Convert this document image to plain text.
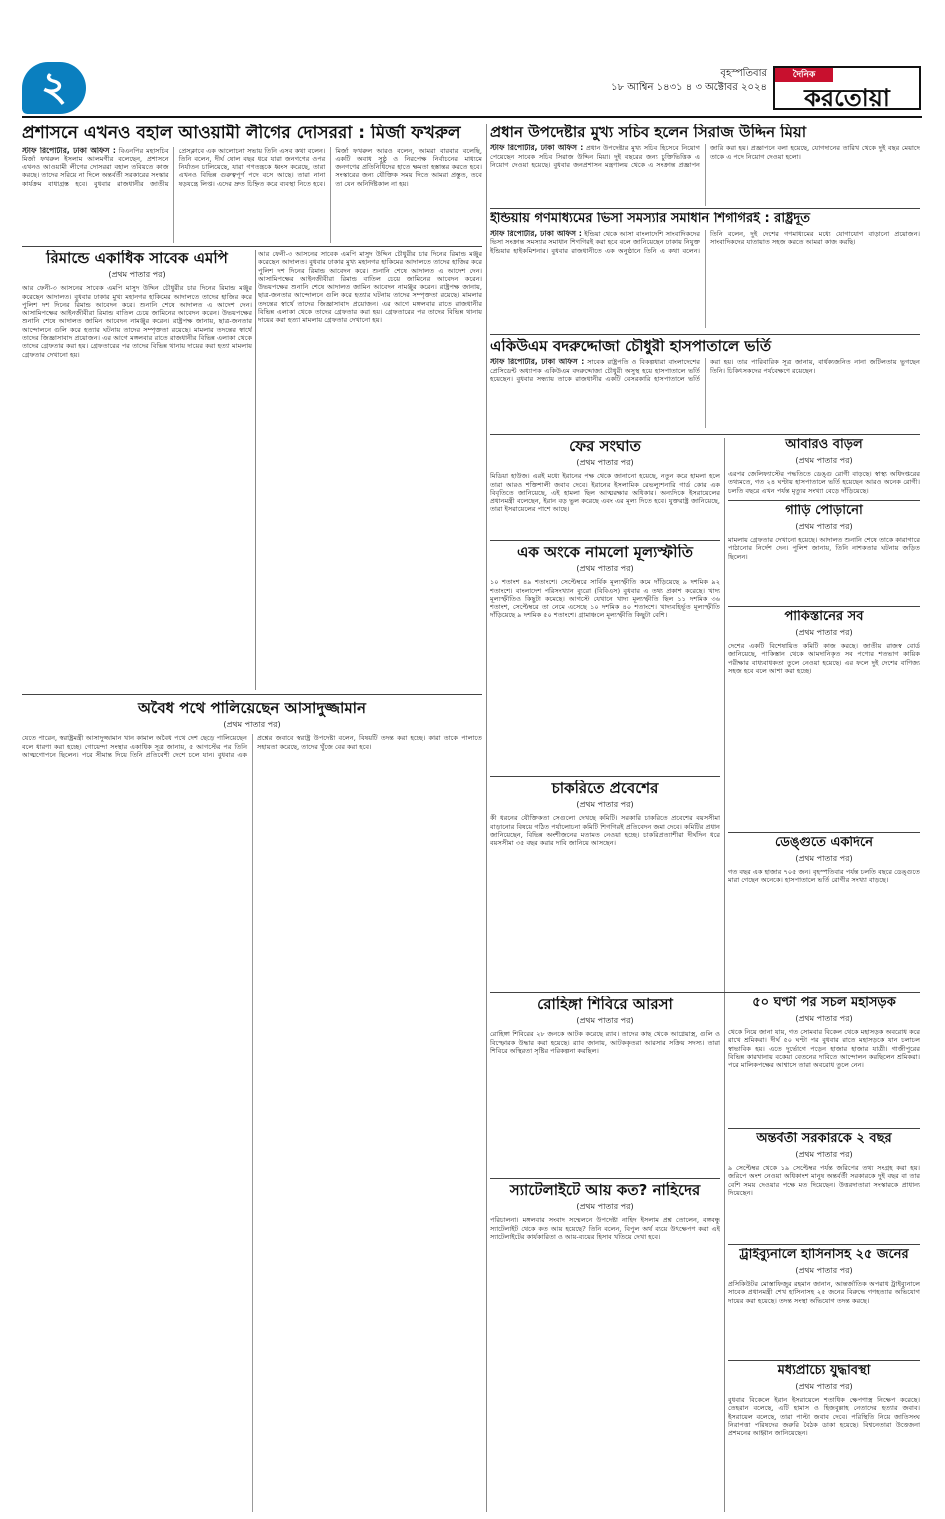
২	বৃহস্পতিবার
১৮ আশ্বিন ১৪৩১ ৪ ৩ অক্টোবর ২০২৪
দৈনিক
করতোয়া
প্রশাসনে এখনও বহাল আওয়ামী লীগের দোসররা : মির্জা ফখরুল
স্টাফ রিপোর্টার, ঢাকা অফিস : বিএনপির মহাসচিব মির্জা ফখরুল ইসলাম আলমগীর বলেছেন, প্রশাসনে এখনও আওয়ামী লীগের দোসররা বহাল তবিয়তে কাজ করছে। তাদের সরিয়ে না দিলে অন্তর্বর্তী সরকারের সংস্কার কার্যক্রম বাধাগ্রস্ত হবে। বুধবার রাজধানীর জাতীয় প্রেসক্লাবে এক আলোচনা সভায় তিনি এসব কথা বলেন। তিনি বলেন, দীর্ঘ ষোল বছর ধরে যারা জনগণের ওপর নির্যাতন চালিয়েছে, যারা গণতন্ত্রকে ধ্বংস করেছে, তারা এখনও বিভিন্ন গুরুত্বপূর্ণ পদে বসে আছে। তারা নানা ষড়যন্ত্রে লিপ্ত। এদের দ্রুত চিহ্নিত করে ব্যবস্থা নিতে হবে। মির্জা ফখরুল আরও বলেন, আমরা বারবার বলেছি, একটি অবাধ সুষ্ঠু ও নিরপেক্ষ নির্বাচনের মাধ্যমে জনগণের প্রতিনিধিদের হাতে ক্ষমতা হস্তান্তর করতে হবে। সংস্কারের জন্য যৌক্তিক সময় দিতে আমরা প্রস্তুত, তবে তা যেন অনির্দিষ্টকাল না হয়।
প্রধান উপদেষ্টার মুখ্য সচিব হলেন সিরাজ উদ্দিন মিয়া
স্টাফ রিপোর্টার, ঢাকা অফিস : প্রধান উপদেষ্টার মুখ্য সচিব হিসেবে নিয়োগ পেয়েছেন সাবেক সচিব সিরাজ উদ্দিন মিয়া। দুই বছরের জন্য চুক্তিভিত্তিক এ নিয়োগ দেওয়া হয়েছে। বুধবার জনপ্রশাসন মন্ত্রণালয় থেকে এ সংক্রান্ত প্রজ্ঞাপন জারি করা হয়। প্রজ্ঞাপনে বলা হয়েছে, যোগদানের তারিখ থেকে দুই বছর মেয়াদে তাকে এ পদে নিয়োগ দেওয়া হলো।
ইন্ডিয়ায় গণমাধ্যমের ভিসা সমস্যার সমাধান শিগগিরই : রাষ্ট্রদূত
স্টাফ রিপোর্টার, ঢাকা অফিস : ইন্ডিয়া থেকে আসা বাংলাদেশি সাংবাদিকদের ভিসা সংক্রান্ত সমস্যার সমাধান শিগগিরই করা হবে বলে জানিয়েছেন ঢাকায় নিযুক্ত ইন্ডিয়ার হাইকমিশনার। বুধবার রাজধানীতে এক অনুষ্ঠানে তিনি এ কথা বলেন। তিনি বলেন, দুই দেশের গণমাধ্যমের মধ্যে যোগাযোগ বাড়ানো প্রয়োজন। সাংবাদিকদের যাতায়াত সহজ করতে আমরা কাজ করছি।
রিমান্ডে একাধিক সাবেক এমপি
(প্রথম পাতার পর)
আর ফেনী-৩ আসনের সাবেক এমপি মাসুদ উদ্দিন চৌধুরীর চার দিনের রিমান্ড মঞ্জুর করেছেন আদালত। বুধবার ঢাকার মুখ্য মহানগর হাকিমের আদালতে তাদের হাজির করে পুলিশ দশ দিনের রিমান্ড আবেদন করে। শুনানি শেষে আদালত এ আদেশ দেন। আসামিপক্ষের আইনজীবীরা রিমান্ড বাতিল চেয়ে জামিনের আবেদন করেন। উভয়পক্ষের শুনানি শেষে আদালত জামিন আবেদন নামঞ্জুর করেন। রাষ্ট্রপক্ষ জানায়, ছাত্র-জনতার আন্দোলনে গুলি করে হত্যার ঘটনায় তাদের সম্পৃক্ততা রয়েছে। মামলার তদন্তের স্বার্থে তাদের জিজ্ঞাসাবাদ প্রয়োজন। এর আগে মঙ্গলবার রাতে রাজধানীর বিভিন্ন এলাকা থেকে তাদের গ্রেফতার করা হয়। গ্রেফতারের পর তাদের বিভিন্ন থানায় দায়ের করা হত্যা মামলায় গ্রেফতার দেখানো হয়।
আর ফেনী-৩ আসনের সাবেক এমপি মাসুদ উদ্দিন চৌধুরীর চার দিনের রিমান্ড মঞ্জুর করেছেন আদালত। বুধবার ঢাকার মুখ্য মহানগর হাকিমের আদালতে তাদের হাজির করে পুলিশ দশ দিনের রিমান্ড আবেদন করে। শুনানি শেষে আদালত এ আদেশ দেন। আসামিপক্ষের আইনজীবীরা রিমান্ড বাতিল চেয়ে জামিনের আবেদন করেন। উভয়পক্ষের শুনানি শেষে আদালত জামিন আবেদন নামঞ্জুর করেন। রাষ্ট্রপক্ষ জানায়, ছাত্র-জনতার আন্দোলনে গুলি করে হত্যার ঘটনায় তাদের সম্পৃক্ততা রয়েছে। মামলার তদন্তের স্বার্থে তাদের জিজ্ঞাসাবাদ প্রয়োজন। এর আগে মঙ্গলবার রাতে রাজধানীর বিভিন্ন এলাকা থেকে তাদের গ্রেফতার করা হয়। গ্রেফতারের পর তাদের বিভিন্ন থানায় দায়ের করা হত্যা মামলায় গ্রেফতার দেখানো হয়।
একিউএম বদরুদ্দোজা চৌধুরী হাসপাতালে ভর্তি
স্টাফ রিপোর্টার, ঢাকা অফিস : সাবেক রাষ্ট্রপতি ও বিকল্পধারা বাংলাদেশের প্রেসিডেন্ট অধ্যাপক একিউএম বদরুদ্দোজা চৌধুরী অসুস্থ হয়ে হাসপাতালে ভর্তি হয়েছেন। বুধবার সন্ধ্যায় তাকে রাজধানীর একটি বেসরকারি হাসপাতালে ভর্তি করা হয়। তার পারিবারিক সূত্র জানায়, বার্ধক্যজনিত নানা জটিলতায় ভুগছেন তিনি। চিকিৎসকদের পর্যবেক্ষণে রয়েছেন।
ফের সংঘাত
(প্রথম পাতার পর)
মিডিয়া হাউজ। এরই মধ্যে ইরানের পক্ষ থেকে জানানো হয়েছে, নতুন করে হামলা হলে তারা আরও শক্তিশালী জবাব দেবে। ইরানের ইসলামিক রেভল্যুশনারি গার্ড কোর এক বিবৃতিতে জানিয়েছে, এই হামলা ছিল আত্মরক্ষার অধিকার। অন্যদিকে ইসরায়েলের প্রধানমন্ত্রী বলেছেন, ইরান বড় ভুল করেছে এবং এর মূল্য দিতে হবে। যুক্তরাষ্ট্র জানিয়েছে, তারা ইসরায়েলের পাশে আছে।
এক অংকে নামলো মূল্যস্ফীতি
(প্রথম পাতার পর)
১০ শতাংশ ৪৯ শতাংশে। সেপ্টেম্বরে সার্বিক মূল্যস্ফীতি কমে দাঁড়িয়েছে ৯ দশমিক ৯২ শতাংশে। বাংলাদেশ পরিসংখ্যান ব্যুরো (বিবিএস) বুধবার এ তথ্য প্রকাশ করেছে। খাদ্য মূল্যস্ফীতিও কিছুটা কমেছে। আগস্টে যেখানে খাদ্য মূল্যস্ফীতি ছিল ১১ দশমিক ৩৬ শতাংশ, সেপ্টেম্বরে তা নেমে এসেছে ১০ দশমিক ৪০ শতাংশে। খাদ্যবহির্ভূত মূল্যস্ফীতি দাঁড়িয়েছে ৯ দশমিক ৫০ শতাংশে। গ্রামাঞ্চলে মূল্যস্ফীতি কিছুটা বেশি।
চাকরিতে প্রবেশের
(প্রথম পাতার পর)
কী ধরনের যৌক্তিকতা সেগুলো দেখছে কমিটি। সরকারি চাকরিতে প্রবেশের বয়সসীমা বাড়ানোর বিষয়ে গঠিত পর্যালোচনা কমিটি শিগগিরই প্রতিবেদন জমা দেবে। কমিটির প্রধান জানিয়েছেন, বিভিন্ন অংশীজনের মতামত নেওয়া হচ্ছে। চাকরিপ্রত্যাশীরা দীর্ঘদিন ধরে বয়সসীমা ৩৫ বছর করার দাবি জানিয়ে আসছেন।
রোহিঙ্গা শিবিরে আরসা
(প্রথম পাতার পর)
রোহিঙ্গা শিবিরের ২৮ জনকে আটক করেছে র‍্যাব। তাদের কাছ থেকে আগ্নেয়াস্ত্র, গুলি ও বিস্ফোরক উদ্ধার করা হয়েছে। র‍্যাব জানায়, আটককৃতরা আরসার সক্রিয় সদস্য। তারা শিবিরে অস্থিরতা সৃষ্টির পরিকল্পনা করছিল।
স্যাটেলাইটে আয় কত? নাহিদের
(প্রথম পাতার পর)
পরিচালনা। মঙ্গলবার সংবাদ সম্মেলনে উপদেষ্টা নাহিদ ইসলাম প্রশ্ন তোলেন, বঙ্গবন্ধু স্যাটেলাইট থেকে কত আয় হয়েছে? তিনি বলেন, বিপুল অর্থ ব্যয়ে উৎক্ষেপণ করা এই স্যাটেলাইটের কার্যকারিতা ও আয়-ব্যয়ের হিসাব খতিয়ে দেখা হবে।
অবৈধ পথে পালিয়েছেন আসাদুজ্জামান
(প্রথম পাতার পর)
যেতে পারেন, স্বরাষ্ট্রমন্ত্রী আসাদুজ্জামান খান কামাল অবৈধ পথে দেশ ছেড়ে পালিয়েছেন বলে ধারণা করা হচ্ছে। গোয়েন্দা সংস্থার একাধিক সূত্র জানায়, ৫ আগস্টের পর তিনি আত্মগোপনে ছিলেন। পরে সীমান্ত দিয়ে তিনি প্রতিবেশী দেশে চলে যান। বুধবার এক প্রশ্নের জবাবে স্বরাষ্ট্র উপদেষ্টা বলেন, বিষয়টি তদন্ত করা হচ্ছে। কারা তাকে পালাতে সহায়তা করেছে, তাদের খুঁজে বের করা হবে।
আবারও বাড়ল
(প্রথম পাতার পর)
এরপর জেলিফ্যাস্টের পদ্ধতিতে ডেঙ্গু রোগী বাড়ছে। স্বাস্থ্য অধিদপ্তরের তথ্যমতে, গত ২৪ ঘণ্টায় হাসপাতালে ভর্তি হয়েছেন আরও অনেক রোগী। চলতি বছরে এখন পর্যন্ত মৃত্যুর সংখ্যা বেড়ে দাঁড়িয়েছে।
গাড়ি পোড়ানো
(প্রথম পাতার পর)
মামলায় গ্রেফতার দেখানো হয়েছে। আদালত শুনানি শেষে তাকে কারাগারে পাঠানোর নির্দেশ দেন। পুলিশ জানায়, তিনি নাশকতার ঘটনায় জড়িত ছিলেন।
পাকিস্তানের সব
(প্রথম পাতার পর)
দেশের একটি বিশেষায়িত কমিটি কাজ করছে। জাতীয় রাজস্ব বোর্ড জানিয়েছে, পাকিস্তান থেকে আমদানিকৃত সব পণ্যের শতভাগ কায়িক পরীক্ষার বাধ্যবাধকতা তুলে নেওয়া হয়েছে। এর ফলে দুই দেশের বাণিজ্য সহজ হবে বলে আশা করা হচ্ছে।
ডেঙ্গুতে একদিনে
(প্রথম পাতার পর)
গত বছর এক হাজার ৭০৫ জন। বৃহস্পতিবার পর্যন্ত চলতি বছরে ডেঙ্গুতে মারা গেছেন অনেকে। হাসপাতালে ভর্তি রোগীর সংখ্যা বাড়ছে।
৫০ ঘণ্টা পর সচল মহাসড়ক
(প্রথম পাতার পর)
থেকে নিয়ে জানা যায়, গত সোমবার বিকেল থেকে মহাসড়ক অবরোধ করে রাখে শ্রমিকরা। দীর্ঘ ৫০ ঘণ্টা পর বুধবার রাতে মহাসড়কে যান চলাচল স্বাভাবিক হয়। এতে দুর্ভোগে পড়েন হাজার হাজার যাত্রী। গাজীপুরের বিভিন্ন কারখানায় বকেয়া বেতনের দাবিতে আন্দোলন করছিলেন শ্রমিকরা। পরে মালিকপক্ষের আশ্বাসে তারা অবরোধ তুলে নেন।
অন্তর্বর্তী সরকারকে ২ বছর
(প্রথম পাতার পর)
৯ সেপ্টেম্বর থেকে ১৯ সেপ্টেম্বর পর্যন্ত জরিপের তথ্য সংগ্রহ করা হয়। জরিপে অংশ নেওয়া অধিকাংশ মানুষ অন্তর্বর্তী সরকারকে দুই বছর বা তার বেশি সময় দেওয়ার পক্ষে মত দিয়েছেন। উত্তরদাতারা সংস্কারকে প্রাধান্য দিয়েছেন।
ট্রাইব্যুনালে হাসিনাসহ ২৫ জনের
(প্রথম পাতার পর)
প্রসিকিউটর মোস্তাফিজুর রহমান জানান, আন্তর্জাতিক অপরাধ ট্রাইব্যুনালে সাবেক প্রধানমন্ত্রী শেখ হাসিনাসহ ২৫ জনের বিরুদ্ধে গণহত্যার অভিযোগ দায়ের করা হয়েছে। তদন্ত সংস্থা অভিযোগ তদন্ত করছে।
মধ্যপ্রাচ্যে যুদ্ধাবস্থা
(প্রথম পাতার পর)
বুধবার বিকেলে ইরান ইসরায়েলে শতাধিক ক্ষেপণাস্ত্র নিক্ষেপ করেছে। তেহরান বলেছে, এটি হামাস ও হিজবুল্লাহ নেতাদের হত্যার জবাব। ইসরায়েল বলেছে, তারা পাল্টা জবাব দেবে। পরিস্থিতি নিয়ে জাতিসংঘ নিরাপত্তা পরিষদের জরুরি বৈঠক ডাকা হয়েছে। বিশ্বনেতারা উত্তেজনা প্রশমনের আহ্বান জানিয়েছেন।
